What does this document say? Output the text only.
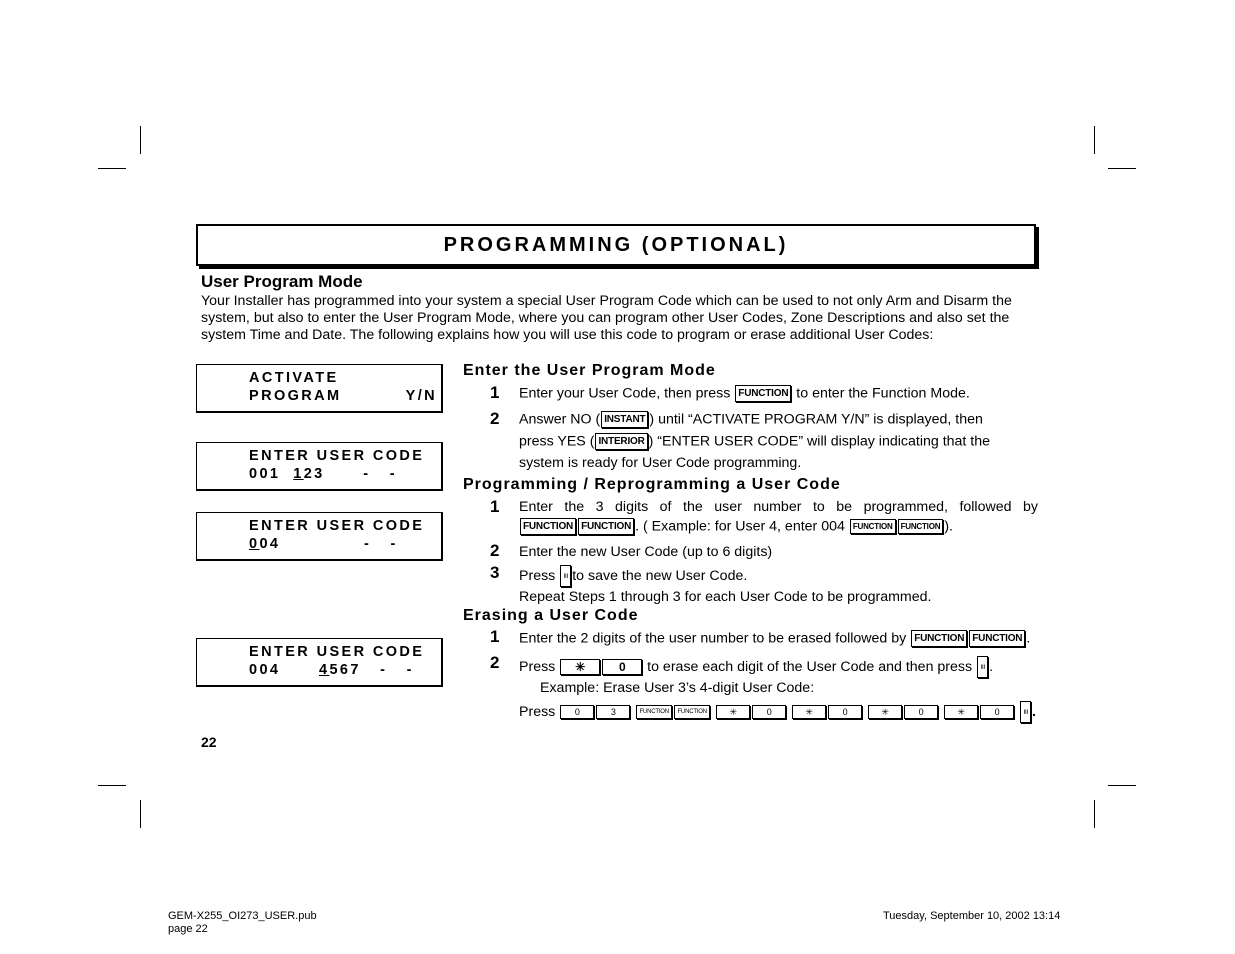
PROGRAMMING (OPTIONAL)
User Program Mode
Your Installer has programmed into your system a special User Program Code which can be used to not only Arm and Disarm the system, but also to enter the User Program Mode, where you can program other User Codes, Zone Descriptions and also set the system Time and Date. The following explains how you will use this code to program or erase additional User Codes:
ACTIVATE
PROGRAM	Y/N
ENTER USER CODE
001  123      -   -
ENTER USER CODE
004             -   -
ENTER USER CODE
004      4567   -   -
Enter the User Program Mode
1 Enter your User Code, then press FUNCTION to enter the Function Mode.
2 Answer NO ( INSTANT ) until “ACTIVATE PROGRAM Y/N” is displayed, then
press YES ( INTERIOR ) “ENTER USER CODE” will display indicating that the
system is ready for User Code programming.
Programming / Reprogramming a User Code
1 Enter the 3 digits of the user number to be programmed, followed by
FUNCTION FUNCTION . ( Example: for User 4, enter 004 FUNCTION FUNCTION ).
2 Enter the new User Code (up to 6 digits)
3 Press ≡to save the new User Code.
Repeat Steps 1 through 3 for each User Code to be programmed.
Erasing a User Code
1 Enter the 2 digits of the user number to be erased followed by FUNCTION FUNCTION .
2 Press ✳	0 to erase each digit of the User Code and then press ≡.
Example: Erase User 3’s 4-digit User Code:
Press 0	3	FUNCTION FUNCTION	✳	0	✳	0	✳	0	✳	0 ≡.
22
GEM-X255_OI273_USER.pub
page 22
Tuesday, September 10, 2002 13:14
